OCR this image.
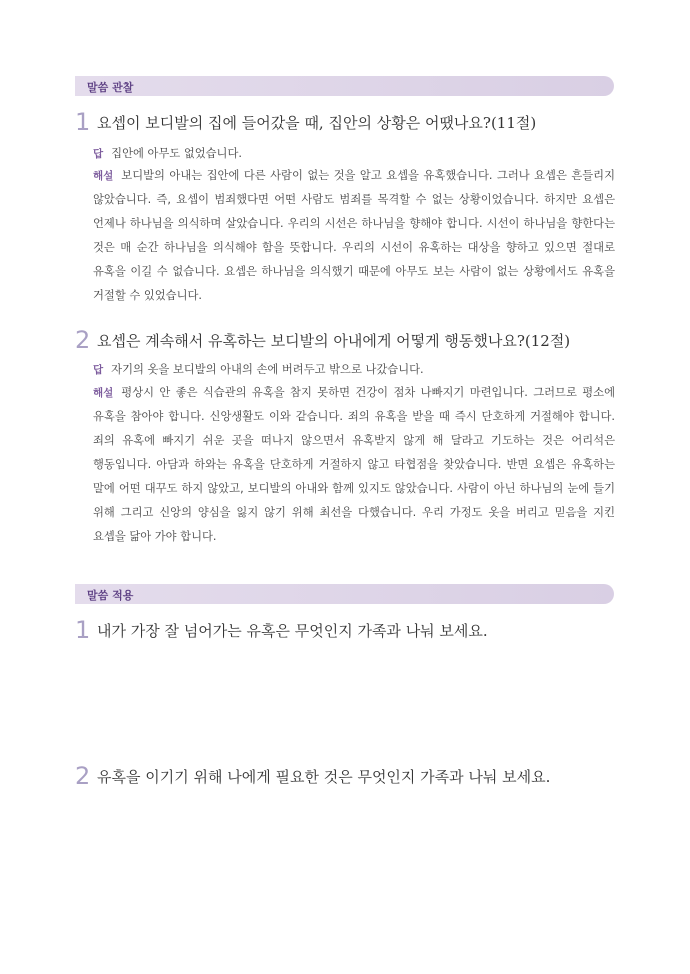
말씀 관찰
1 요셉이 보디발의 집에 들어갔을 때, 집안의 상황은 어땠나요?(11절)
답 집안에 아무도 없었습니다.
해설 보디발의 아내는 집안에 다른 사람이 없는 것을 알고 요셉을 유혹했습니다. 그러나 요셉은 흔들리지 않았습니다. 즉, 요셉이 범죄했다면 어떤 사람도 범죄를 목격할 수 없는 상황이었습니다. 하지만 요셉은 언제나 하나님을 의식하며 살았습니다. 우리의 시선은 하나님을 향해야 합니다. 시선이 하나님을 향한다는 것은 매 순간 하나님을 의식해야 함을 뜻합니다. 우리의 시선이 유혹하는 대상을 향하고 있으면 절대로 유혹을 이길 수 없습니다. 요셉은 하나님을 의식했기 때문에 아무도 보는 사람이 없는 상황에서도 유혹을 거절할 수 있었습니다.
2 요셉은 계속해서 유혹하는 보디발의 아내에게 어떻게 행동했나요?(12절)
답 자기의 옷을 보디발의 아내의 손에 버려두고 밖으로 나갔습니다.
해설 평상시 안 좋은 식습관의 유혹을 참지 못하면 건강이 점차 나빠지기 마련입니다. 그러므로 평소에 유혹을 참아야 합니다. 신앙생활도 이와 같습니다. 죄의 유혹을 받을 때 즉시 단호하게 거절해야 합니다. 죄의 유혹에 빠지기 쉬운 곳을 떠나지 않으면서 유혹받지 않게 해 달라고 기도하는 것은 어리석은 행동입니다. 아담과 하와는 유혹을 단호하게 거절하지 않고 타협점을 찾았습니다. 반면 요셉은 유혹하는 말에 어떤 대꾸도 하지 않았고, 보디발의 아내와 함께 있지도 않았습니다. 사람이 아닌 하나님의 눈에 들기 위해 그리고 신앙의 양심을 잃지 않기 위해 최선을 다했습니다. 우리 가정도 옷을 버리고 믿음을 지킨 요셉을 닮아 가야 합니다.
말씀 적용
1 내가 가장 잘 넘어가는 유혹은 무엇인지 가족과 나눠 보세요.
2 유혹을 이기기 위해 나에게 필요한 것은 무엇인지 가족과 나눠 보세요.
